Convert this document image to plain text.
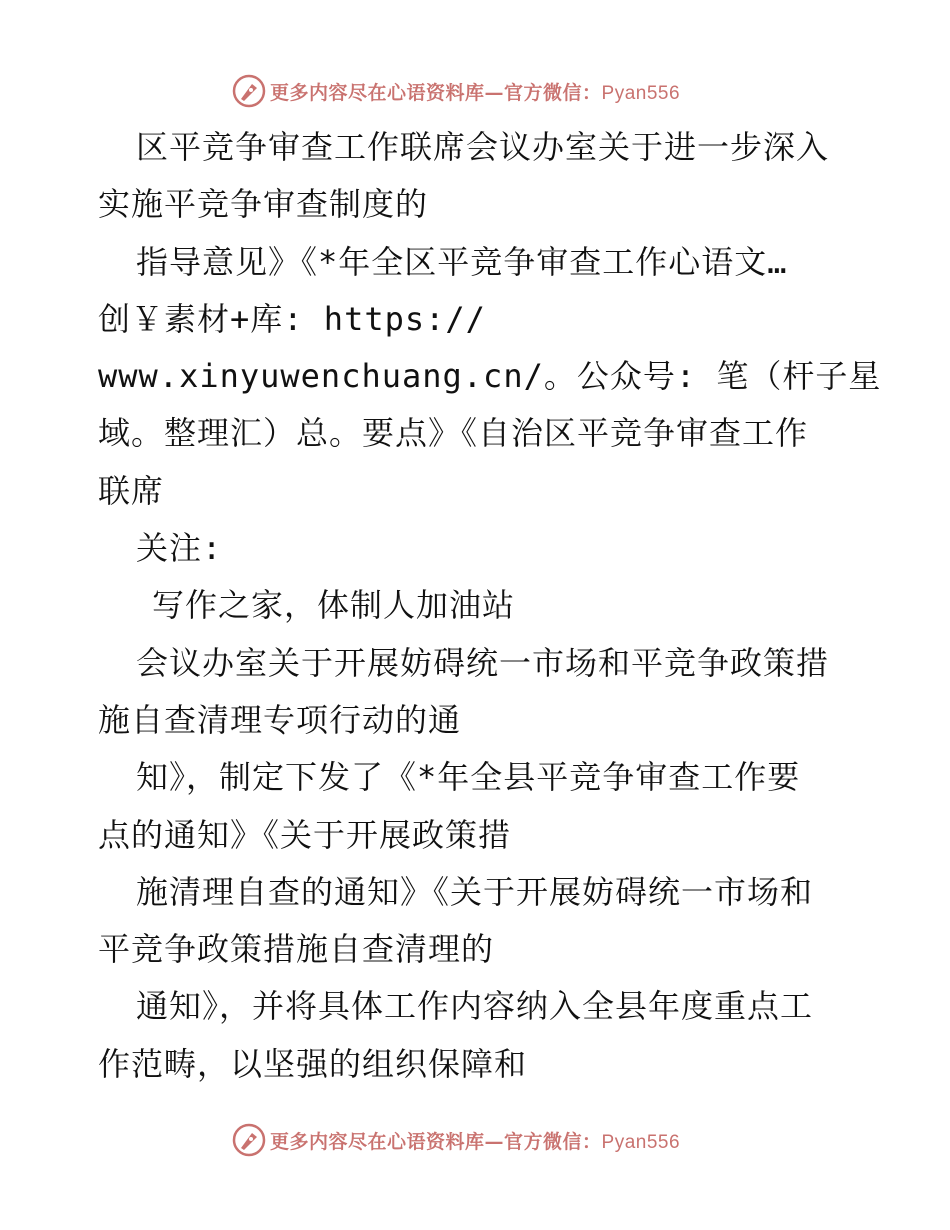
更多内容尽在心语资料库—官方微信：Pyan556
区平竞争审查工作联席会议办室关于进一步深入
实施平竞争审查制度的
指导意见》《*年全区平竞争审查工作心语文…
创￥素材+库: https://
www.xinyuwenchuang.cn/。公众号: 笔（杆子星
域。整理汇）总。要点》《自治区平竞争审查工作
联席
关注:
写作之家，体制人加油站
会议办室关于开展妨碍统一市场和平竞争政策措
施自查清理专项行动的通
知》，制定下发了《*年全县平竞争审查工作要
点的通知》《关于开展政策措
施清理自查的通知》《关于开展妨碍统一市场和
平竞争政策措施自查清理的
通知》，并将具体工作内容纳入全县年度重点工
作范畴，以坚强的组织保障和
更多内容尽在心语资料库—官方微信：Pyan556
